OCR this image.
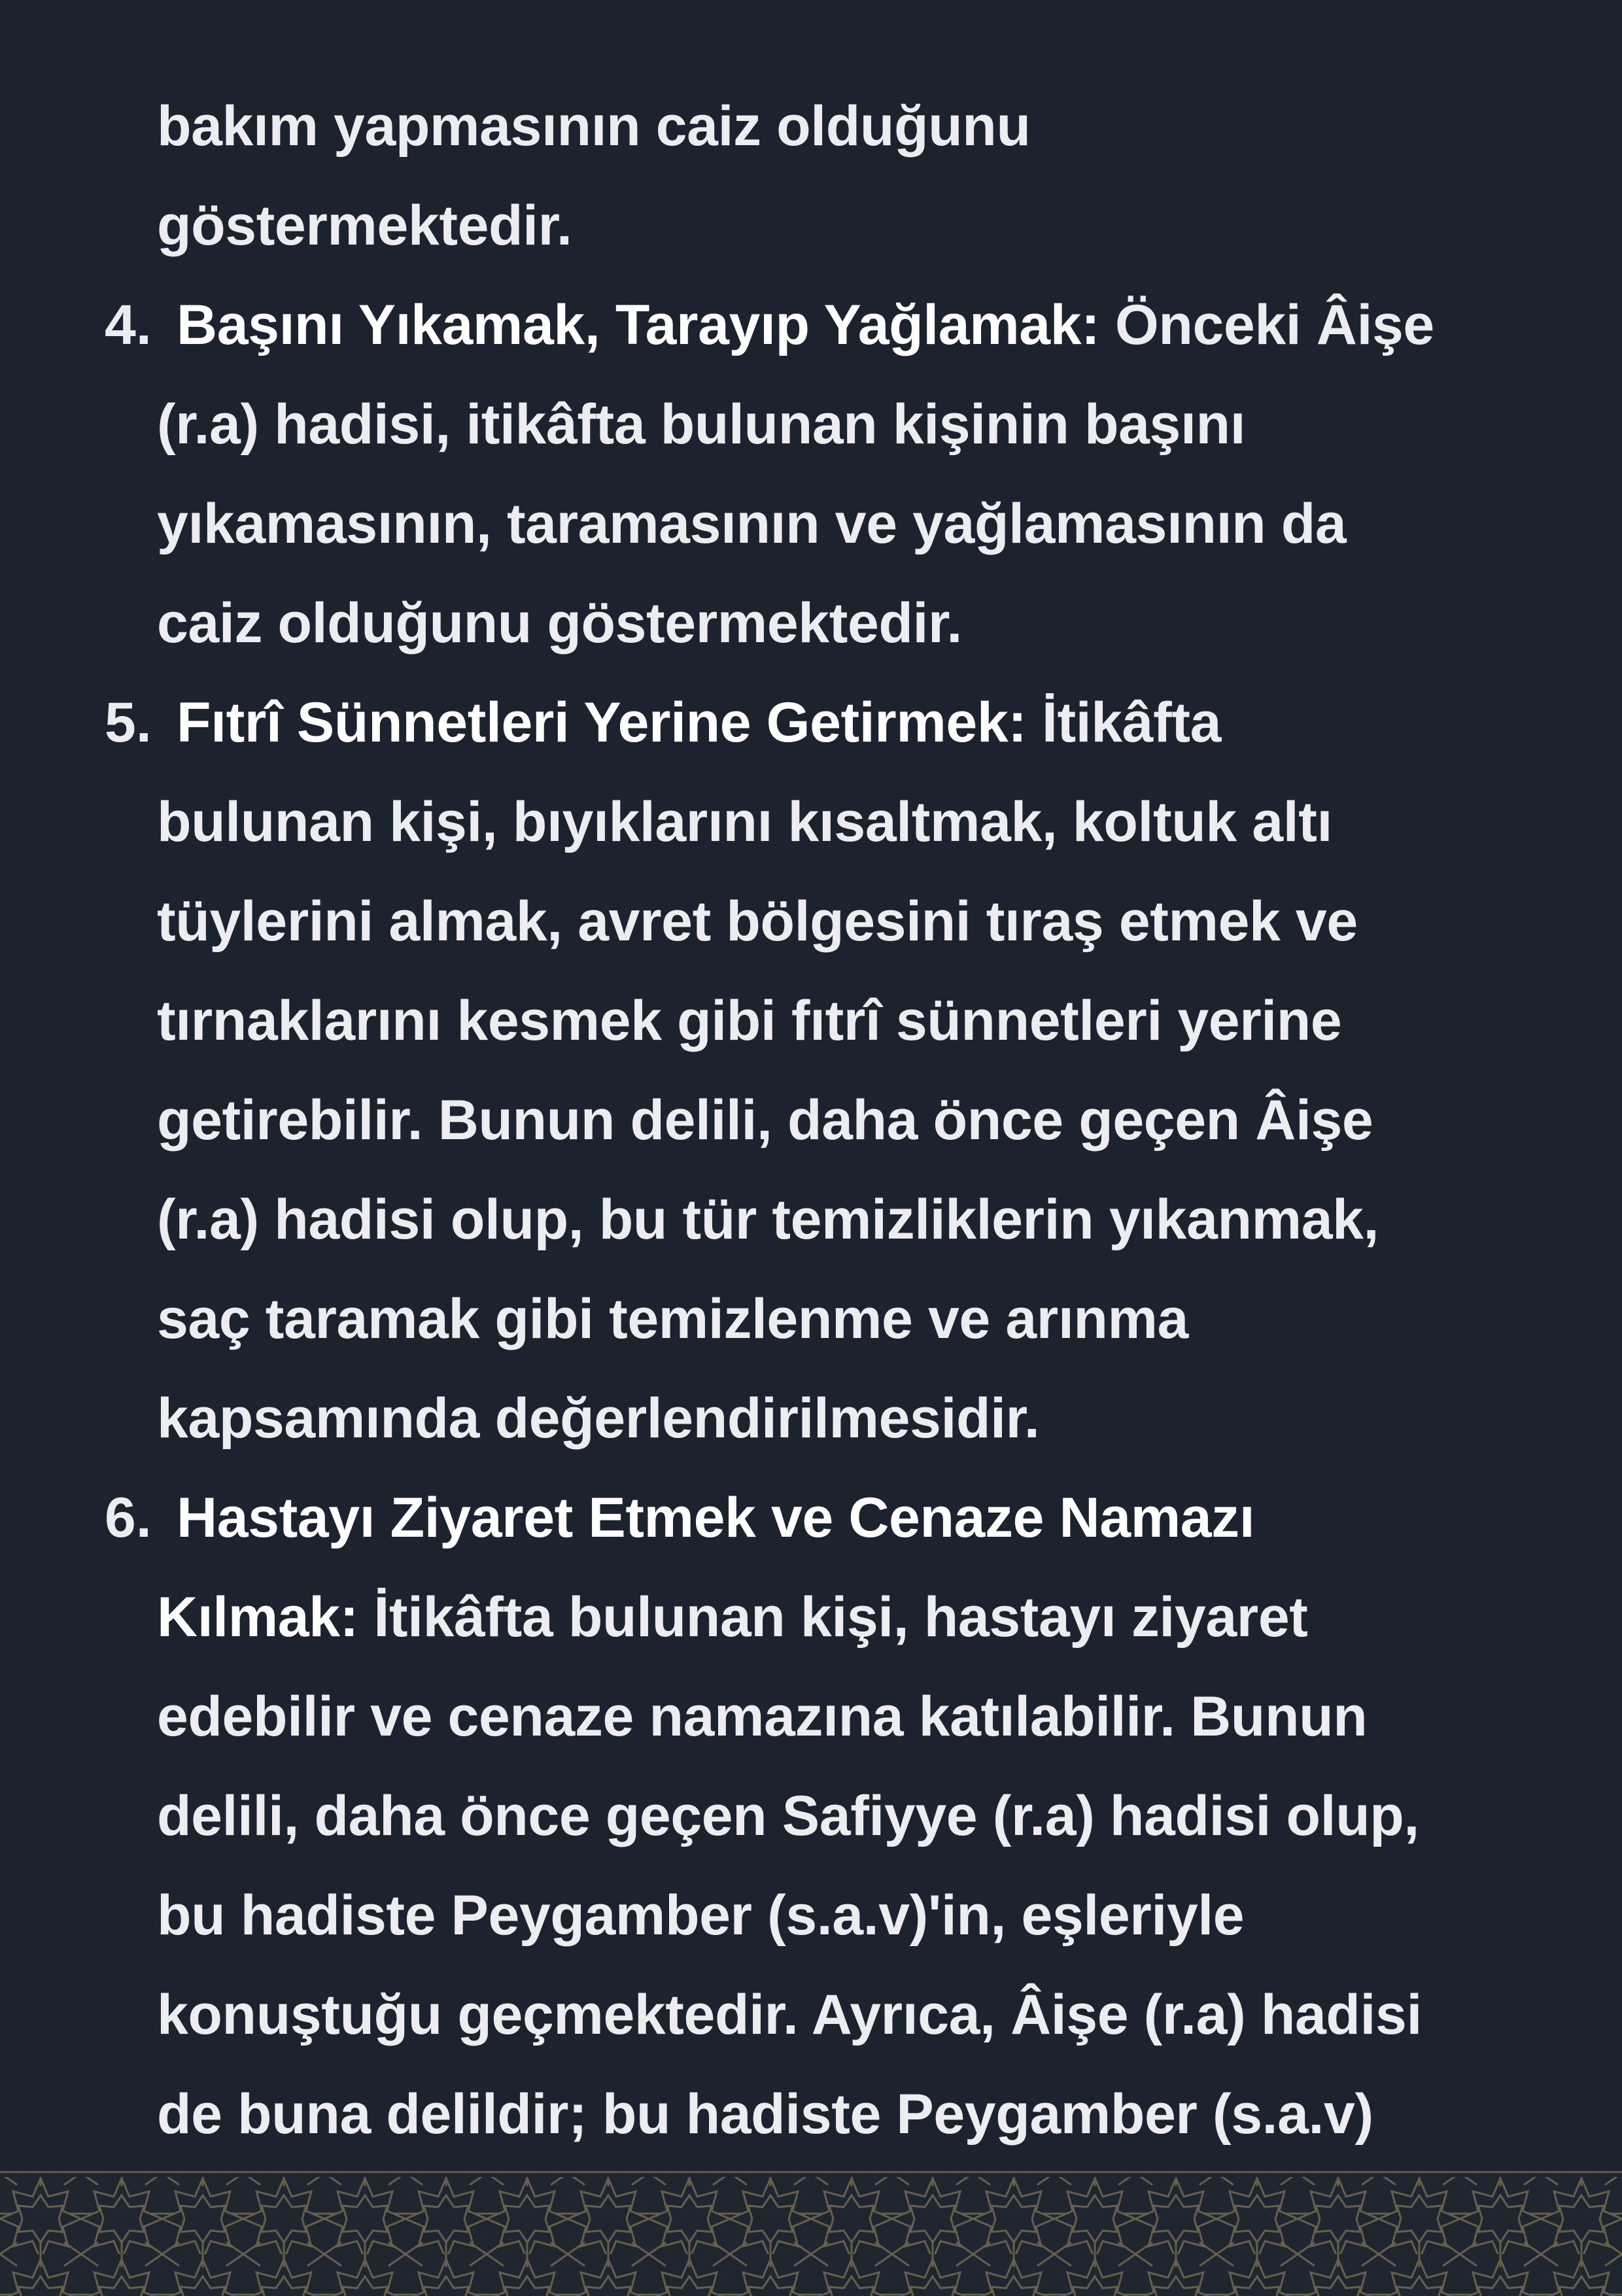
bakım yapmasının caiz olduğunu
göstermektedir.
4. Başını Yıkamak, Tarayıp Yağlamak: Önceki Âişe
(r.a) hadisi, itikâfta bulunan kişinin başını
yıkamasının, taramasının ve yağlamasının da
caiz olduğunu göstermektedir.
5. Fıtrî Sünnetleri Yerine Getirmek: İtikâfta
bulunan kişi, bıyıklarını kısaltmak, koltuk altı
tüylerini almak, avret bölgesini tıraş etmek ve
tırnaklarını kesmek gibi fıtrî sünnetleri yerine
getirebilir. Bunun delili, daha önce geçen Âişe
(r.a) hadisi olup, bu tür temizliklerin yıkanmak,
saç taramak gibi temizlenme ve arınma
kapsamında değerlendirilmesidir.
6. Hastayı Ziyaret Etmek ve Cenaze Namazı
Kılmak: İtikâfta bulunan kişi, hastayı ziyaret
edebilir ve cenaze namazına katılabilir. Bunun
delili, daha önce geçen Safiyye (r.a) hadisi olup,
bu hadiste Peygamber (s.a.v)'in, eşleriyle
konuştuğu geçmektedir. Ayrıca, Âişe (r.a) hadisi
de buna delildir; bu hadiste Peygamber (s.a.v)
